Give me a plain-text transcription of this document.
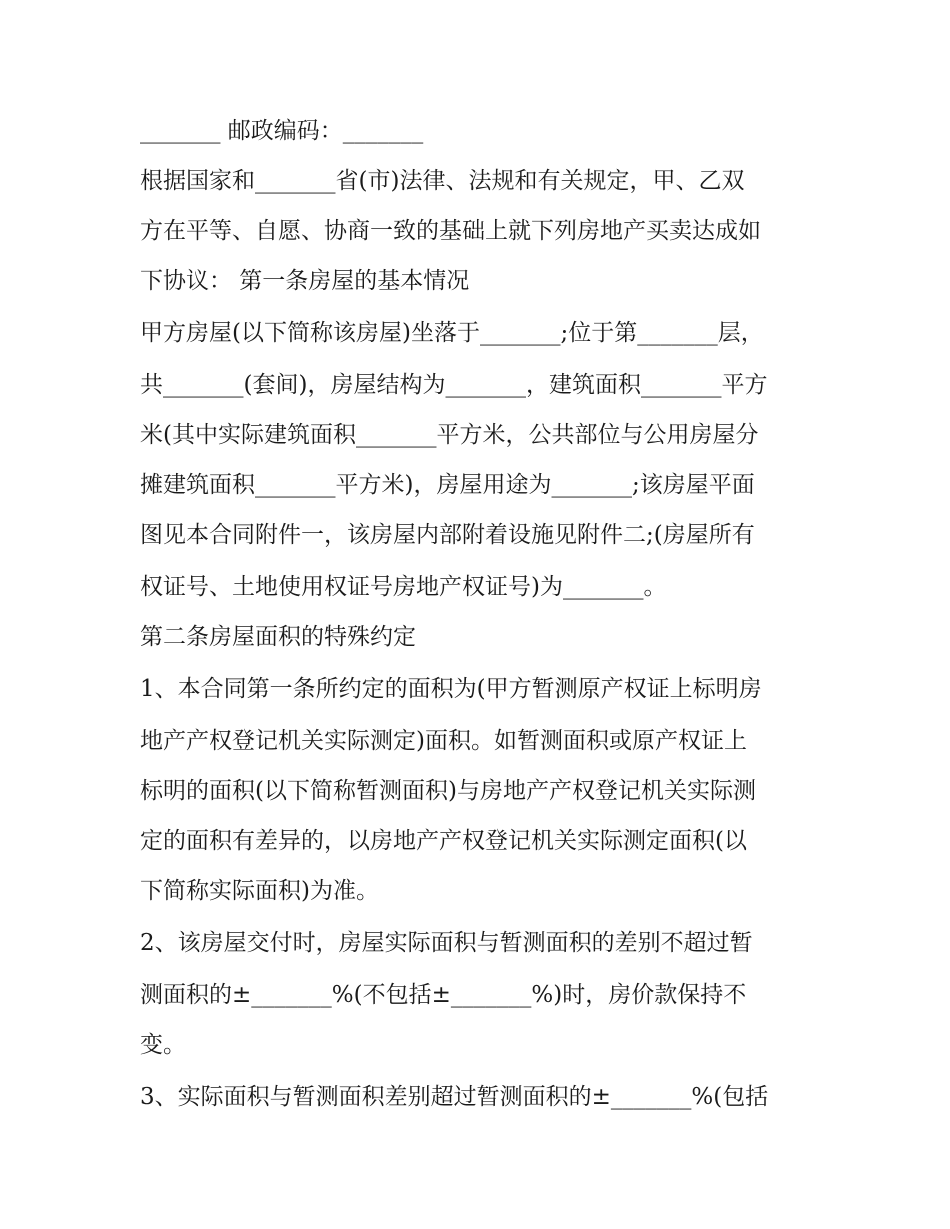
_______ 邮政编码：_______
根据国家和_______省(市)法律、法规和有关规定，甲、乙双
方在平等、自愿、协商一致的基础上就下列房地产买卖达成如
下协议： 第一条房屋的基本情况
甲方房屋(以下简称该房屋)坐落于_______;位于第_______层，
共_______(套间)，房屋结构为_______，建筑面积_______平方
米(其中实际建筑面积_______平方米，公共部位与公用房屋分
摊建筑面积_______平方米)，房屋用途为_______;该房屋平面
图见本合同附件一，该房屋内部附着设施见附件二;(房屋所有
权证号、土地使用权证号房地产权证号)为_______。
第二条房屋面积的特殊约定
1、本合同第一条所约定的面积为(甲方暂测原产权证上标明房
地产产权登记机关实际测定)面积。如暂测面积或原产权证上
标明的面积(以下简称暂测面积)与房地产产权登记机关实际测
定的面积有差异的，以房地产产权登记机关实际测定面积(以
下简称实际面积)为准。
2、该房屋交付时，房屋实际面积与暂测面积的差别不超过暂
测面积的±_______%(不包括±_______%)时，房价款保持不
变。
3、实际面积与暂测面积差别超过暂测面积的±_______%(包括
